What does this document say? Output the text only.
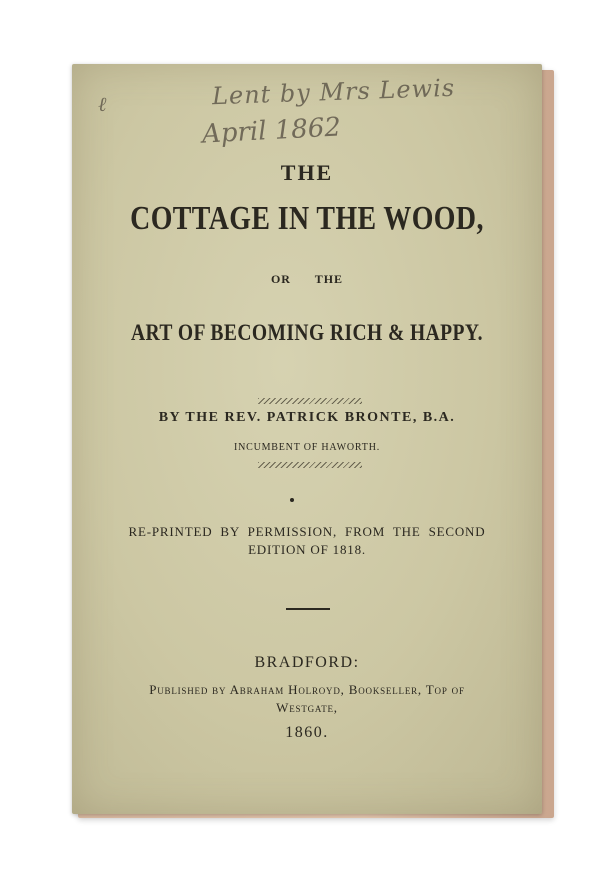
ℓ	Lent by Mrs Lewis
April 1862
THE
COTTAGE IN THE WOOD,
OR THE
ART OF BECOMING RICH & HAPPY.
BY THE REV. PATRICK BRONTE, B.A.
INCUMBENT OF HAWORTH.
RE-PRINTED BY PERMISSION, FROM THE SECOND
EDITION OF 1818.
BRADFORD:
Published by Abraham Holroyd, Bookseller, Top of
Westgate,
1860.
